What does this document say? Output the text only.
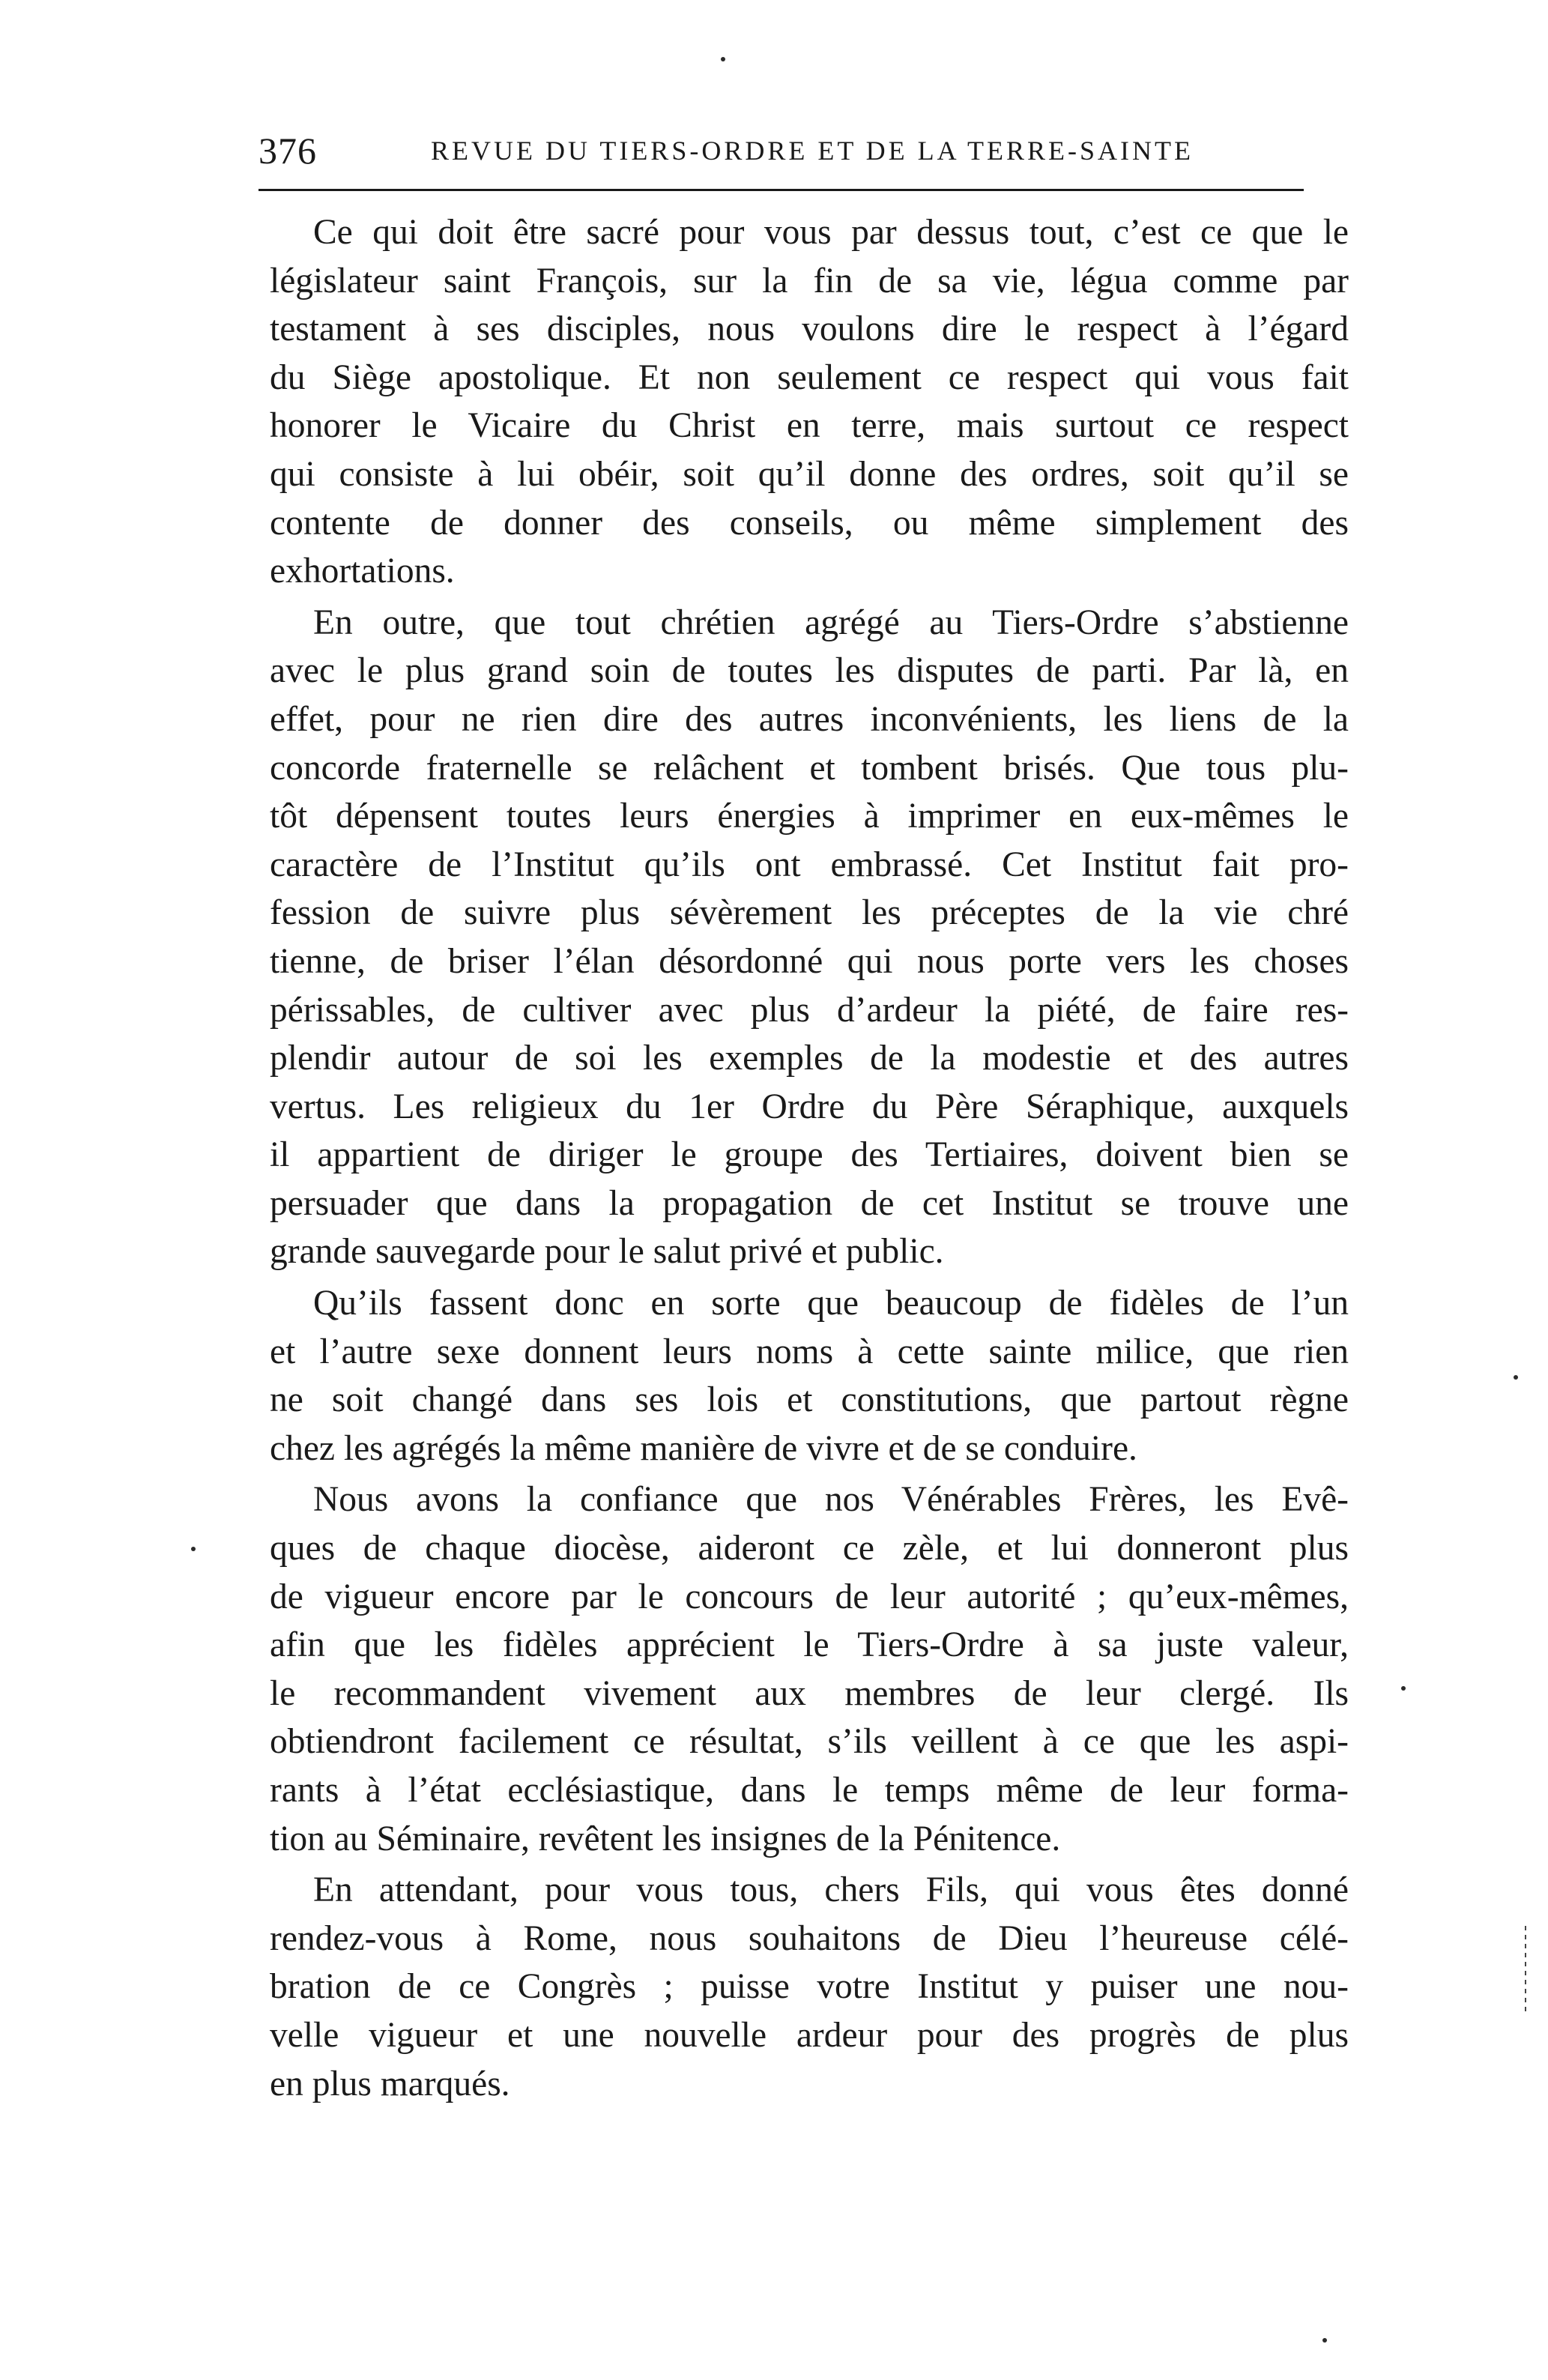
376	REVUE DU TIERS-ORDRE ET DE LA TERRE-SAINTE
Ce qui doit être sacré pour vous par dessus tout, c’est ce que le
législateur saint François, sur la fin de sa vie, légua comme par
testament à ses disciples, nous voulons dire le respect à l’égard
du Siège apostolique. Et non seulement ce respect qui vous fait
honorer le Vicaire du Christ en terre, mais surtout ce respect
qui consiste à lui obéir, soit qu’il donne des ordres, soit qu’il se
contente de donner des conseils, ou même simplement des
exhortations.
En outre, que tout chrétien agrégé au Tiers-Ordre s’abstienne
avec le plus grand soin de toutes les disputes de parti. Par là, en
effet, pour ne rien dire des autres inconvénients, les liens de la
concorde fraternelle se relâchent et tombent brisés. Que tous plu-
tôt dépensent toutes leurs énergies à imprimer en eux-mêmes le
caractère de l’Institut qu’ils ont embrassé. Cet Institut fait pro-
fession de suivre plus sévèrement les préceptes de la vie chré
tienne, de briser l’élan désordonné qui nous porte vers les choses
périssables, de cultiver avec plus d’ardeur la piété, de faire res-
plendir autour de soi les exemples de la modestie et des autres
vertus. Les religieux du 1er Ordre du Père Séraphique, auxquels
il appartient de diriger le groupe des Tertiaires, doivent bien se
persuader que dans la propagation de cet Institut se trouve une
grande sauvegarde pour le salut privé et public.
Qu’ils fassent donc en sorte que beaucoup de fidèles de l’un
et l’autre sexe donnent leurs noms à cette sainte milice, que rien
ne soit changé dans ses lois et constitutions, que partout règne
chez les agrégés la même manière de vivre et de se conduire.
Nous avons la confiance que nos Vénérables Frères, les Evê-
ques de chaque diocèse, aideront ce zèle, et lui donneront plus
de vigueur encore par le concours de leur autorité ; qu’eux-mêmes,
afin que les fidèles apprécient le Tiers-Ordre à sa juste valeur,
le recommandent vivement aux membres de leur clergé. Ils
obtiendront facilement ce résultat, s’ils veillent à ce que les aspi-
rants à l’état ecclésiastique, dans le temps même de leur forma-
tion au Séminaire, revêtent les insignes de la Pénitence.
En attendant, pour vous tous, chers Fils, qui vous êtes donné
rendez-vous à Rome, nous souhaitons de Dieu l’heureuse célé-
bration de ce Congrès ; puisse votre Institut y puiser une nou-
velle vigueur et une nouvelle ardeur pour des progrès de plus
en plus marqués.
